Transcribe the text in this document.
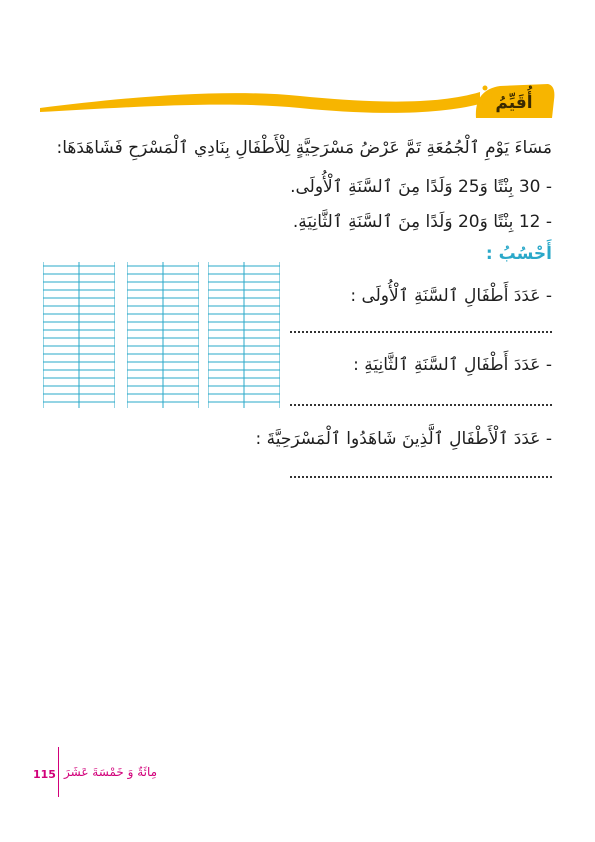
أُقَيِّمُ
مَسَاءَ يَوْمِ ٱلْجُمُعَةِ تَمَّ عَرْضُ مَسْرَحِيَّةٍ لِلْأَطْفَالِ بِنَادِي ٱلْمَسْرَحِ فَشَاهَدَهَا:
- 30 بِنْتًا وَ25 وَلَدًا مِنَ ٱلسَّنَةِ ٱلْأُولَى.
- 12 بِنْتًا وَ20 وَلَدًا مِنَ ٱلسَّنَةِ ٱلثَّانِيَةِ.
أَحْسُبُ :
- عَدَدَ أَطْفَالِ ٱلسَّنَةِ ٱلْأُولَى :
- عَدَدَ أَطْفَالِ ٱلسَّنَةِ ٱلثَّانِيَةِ :
- عَدَدَ ٱلْأَطْفَالِ ٱلَّذِينَ شَاهَدُوا ٱلْمَسْرَحِيَّةَ :
115 مِائَةٌ وَ خَمْسَةَ عَشَرَ
